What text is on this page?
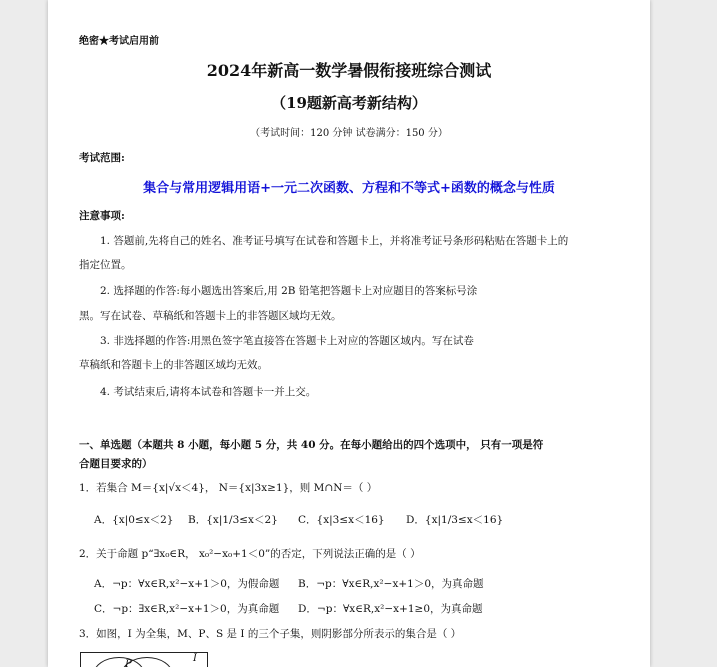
绝密★考试启用前
2024年新高一数学暑假衔接班综合测试
（19题新高考新结构）
（考试时间：120 分钟 试卷满分：150 分）
考试范围:
集合与常用逻辑用语+一元二次函数、方程和不等式+函数的概念与性质
注意事项:
1. 答题前,先将自己的姓名、准考证号填写在试卷和答题卡上，并将准考证号条形码粘贴在答题卡上的
指定位置。
2. 选择题的作答:每小题选出答案后,用 2B 铅笔把答题卡上对应题目的答案标号涂
黑。写在试卷、草稿纸和答题卡上的非答题区域均无效。
3. 非选择题的作答:用黑色签字笔直接答在答题卡上对应的答题区域内。写在试卷
草稿纸和答题卡上的非答题区域均无效。
4. 考试结束后,请将本试卷和答题卡一并上交。
一、单选题（本题共 8 小题，每小题 5 分，共 40 分。在每小题给出的四个选项中， 只有一项是符
合题目要求的）
1．若集合 M＝{x|√x＜4}， N＝{x|3x≥1}，则 M∩N＝（ ）
A．{x|0≤x＜2} B．{x|1/3≤x＜2} C．{x|3≤x＜16} D．{x|1/3≤x＜16}
2．关于命题 p“∃x₀∈R， x₀²−x₀+1＜0”的否定，下列说法正确的是（ ）
A．¬p：∀x∈R,x²−x+1＞0，为假命题 B．¬p：∀x∈R,x²−x+1＞0，为真命题
C．¬p：∃x∈R,x²−x+1＞0，为真命题 D．¬p：∀x∈R,x²−x+1≥0，为真命题
3．如图，I 为全集，M、P、S 是 I 的三个子集，则阴影部分所表示的集合是（ ）
P
I
